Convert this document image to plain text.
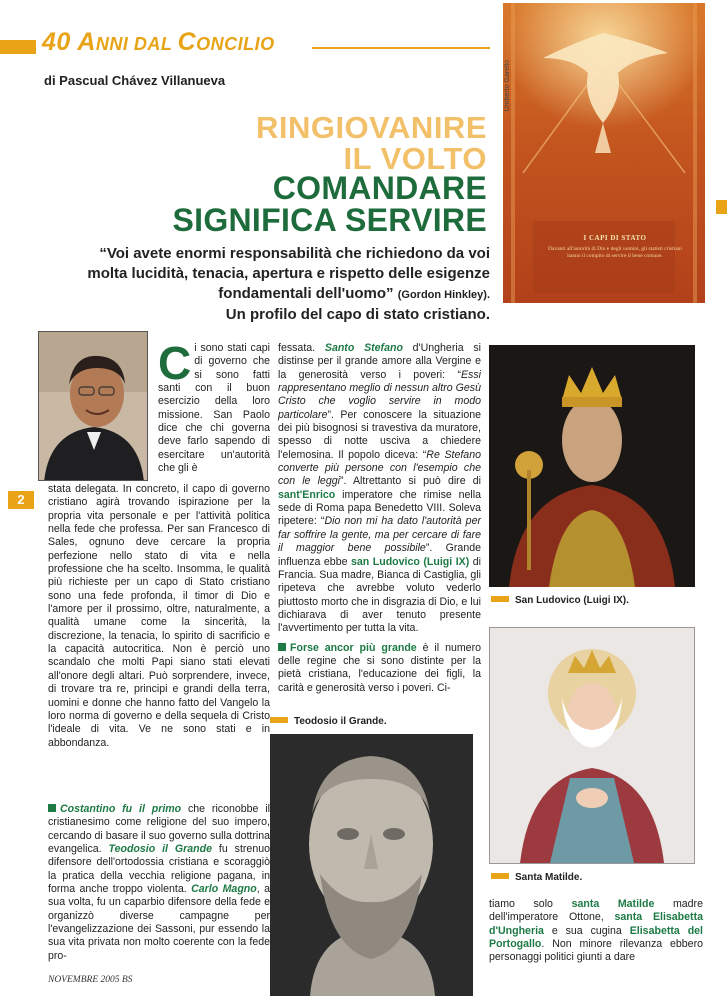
40 ANNI DAL CONCILIO
di Pascual Chávez Villanueva	Umberto Garello
I CAPI DI STATO
Davanti all'autorità di Dio e degli uomini, gli statisti cristiani hanno il compito di servire il bene comune.
RINGIOVANIRE
IL VOLTO
COMANDARE
SIGNIFICA SERVIRE
“Voi avete enormi responsabilità che richiedono da voi molta lucidità, tenacia, apertura e rispetto delle esigenze fondamentali dell'uomo” (Gordon Hinkley).
Un profilo del capo di stato cristiano.
2
Ci sono stati capi di governo che si sono fatti santi con il buon esercizio della loro missione. San Paolo dice che chi governa deve farlo sapendo di esercitare un'autorità che gli è

stata delegata. In concreto, il capo di governo cristiano agirà trovando ispirazione per la propria vita personale e per l'attività politica nella fede che professa. Per san Francesco di Sales, ognuno deve cercare la propria perfezione nello stato di vita e nella professione che ha scelto. Insomma, le qualità più richieste per un capo di Stato cristiano sono una fede profonda, il timor di Dio e l'amore per il prossimo, oltre, naturalmente, a qualità umane come la sincerità, la discrezione, la tenacia, lo spirito di sacrificio e la capacità autocritica. Non è perciò uno scandalo che molti Papi siano stati elevati all'onore degli altari. Può sorprendere, invece, di trovare tra re, principi e grandi della terra, uomini e donne che hanno fatto del Vangelo la loro norma di governo e della sequela di Cristo l'ideale di vita. Ve ne sono stati e in abbondanza.

Costantino fu il primo che riconobbe il cristianesimo come religione del suo impero, cercando di basare il suo governo sulla dottrina evangelica. Teodosio il Grande fu strenuo difensore dell'ortodossia cristiana e scoraggiò la pratica della vecchia religione pagana, in forma anche troppo violenta. Carlo Magno, a sua volta, fu un caparbio difensore della fede e organizzò diverse campagne per l'evangelizzazione dei Sassoni, pur essendo la sua vita privata non molto coerente con la fede pro-

fessata. Santo Stefano d'Ungheria si distinse per il grande amore alla Vergine e la generosità verso i poveri: “Essi rappresentano meglio di nessun altro Gesù Cristo che voglio servire in modo particolare”. Per conoscere la situazione dei più bisognosi si travestiva da muratore, spesso di notte usciva a chiedere l'elemosina. Il popolo diceva: “Re Stefano converte più persone con l'esempio che con le leggi”. Altrettanto si può dire di sant'Enrico imperatore che rimise nella sede di Roma papa Benedetto VIII. Soleva ripetere: “Dio non mi ha dato l'autorità per far soffrire la gente, ma per cercare di fare il maggior bene possibile”. Grande influenza ebbe san Ludovico (Luigi IX) di Francia. Sua madre, Bianca di Castiglia, gli ripeteva che avrebbe voluto vederlo piuttosto morto che in disgrazia di Dio, e lui dichiarava di aver tenuto presente l'avvertimento per tutta la vita.

Forse ancor più grande è il numero delle regine che si sono distinte per la pietà cristiana, l'educazione dei figli, la carità e generosità verso i poveri. Ci-

Teodosio il Grande.
San Ludovico (Luigi IX).
Santa Matilde.

tiamo solo santa Matilde madre dell'imperatore Ottone, santa Elisabetta d'Ungheria e sua cugina Elisabetta del Portogallo. Non minore rilevanza ebbero personaggi politici giunti a dare

NOVEMBRE 2005 BS
